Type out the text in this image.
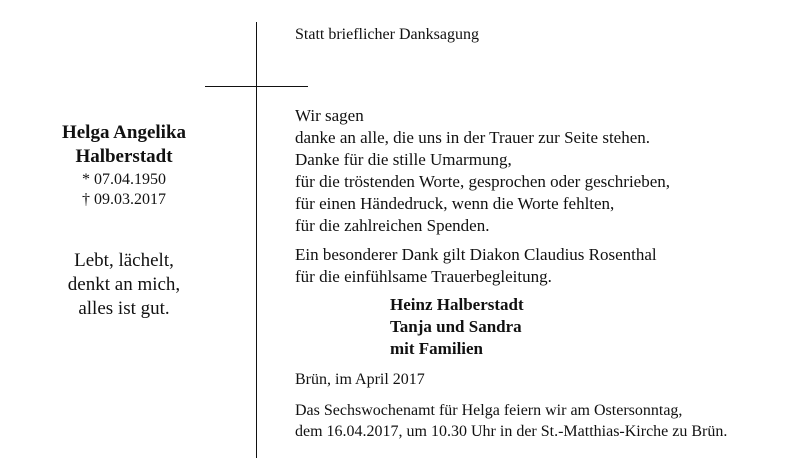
Helga Angelika
Halberstadt
* 07.04.1950
† 09.03.2017
Lebt, lächelt,
denkt an mich,
alles ist gut.
Statt brieflicher Danksagung
Wir sagen
danke an alle, die uns in der Trauer zur Seite stehen.
Danke für die stille Umarmung,
für die tröstenden Worte, gesprochen oder geschrieben,
für einen Händedruck, wenn die Worte fehlten,
für die zahlreichen Spenden.
Ein besonderer Dank gilt Diakon Claudius Rosenthal
für die einfühlsame Trauerbegleitung.
Heinz Halberstadt
Tanja und Sandra
mit Familien
Brün, im April 2017
Das Sechswochenamt für Helga feiern wir am Ostersonntag,
dem 16.04.2017, um 10.30 Uhr in der St.-Matthias-Kirche zu Brün.
